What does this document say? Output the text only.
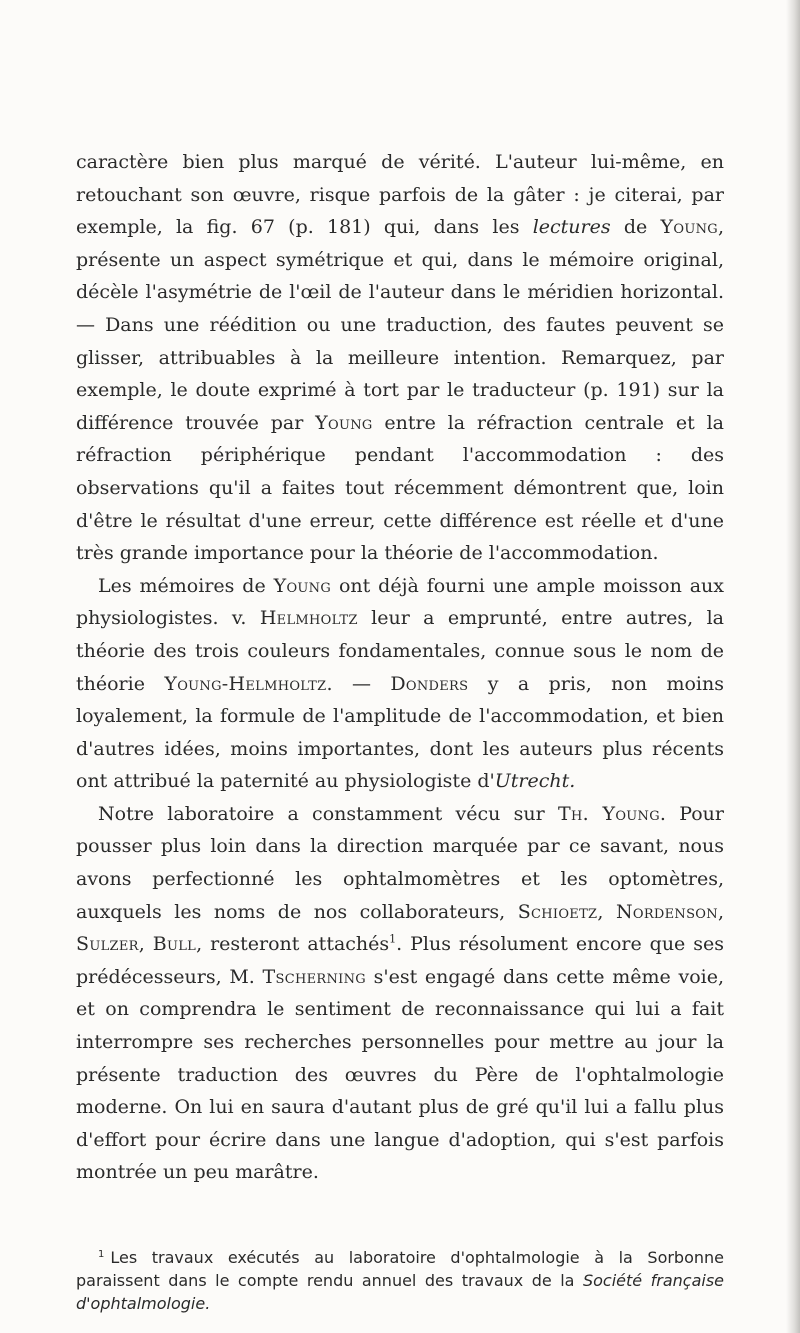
caractère bien plus marqué de vérité. L'auteur lui-même, en retouchant son œuvre, risque parfois de la gâter : je citerai, par exemple, la fig. 67 (p. 181) qui, dans les lectures de Young, présente un aspect symétrique et qui, dans le mémoire original, décèle l'asymétrie de l'œil de l'auteur dans le méridien horizontal. — Dans une réédition ou une traduction, des fautes peuvent se glisser, attribuables à la meilleure intention. Remarquez, par exemple, le doute exprimé à tort par le traducteur (p. 191) sur la différence trouvée par Young entre la réfraction centrale et la réfraction périphérique pendant l'accommodation : des observations qu'il a faites tout récemment démontrent que, loin d'être le résultat d'une erreur, cette différence est réelle et d'une très grande importance pour la théorie de l'accommodation.

Les mémoires de Young ont déjà fourni une ample moisson aux physiologistes. v. Helmholtz leur a emprunté, entre autres, la théorie des trois couleurs fondamentales, connue sous le nom de théorie Young-Helmholtz. — Donders y a pris, non moins loyalement, la formule de l'amplitude de l'accommodation, et bien d'autres idées, moins importantes, dont les auteurs plus récents ont attribué la paternité au physiologiste d'Utrecht.

Notre laboratoire a constamment vécu sur Th. Young. Pour pousser plus loin dans la direction marquée par ce savant, nous avons perfectionné les ophtalmomètres et les optomètres, auxquels les noms de nos collaborateurs, Schioetz, Nordenson, Sulzer, Bull, resteront attachés$^1$. Plus résolument encore que ses prédécesseurs, M. Tscherning s'est engagé dans cette même voie, et on comprendra le sentiment de reconnaissance qui lui a fait interrompre ses recherches personnelles pour mettre au jour la présente traduction des œuvres du Père de l'ophtalmologie moderne. On lui en saura d'autant plus de gré qu'il lui a fallu plus d'effort pour écrire dans une langue d'adoption, qui s'est parfois montrée un peu marâtre.

$^1$ Les travaux exécutés au laboratoire d'ophtalmologie à la Sorbonne paraissent dans le compte rendu annuel des travaux de la Société française d'ophtalmologie.
